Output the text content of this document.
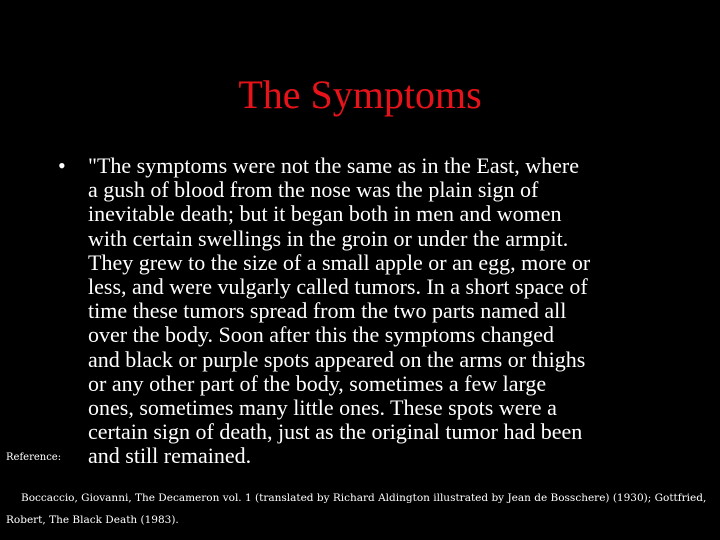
The Symptoms
• "The symptoms were not the same as in the East, where
a gush of blood from the nose was the plain sign of
inevitable death; but it began both in men and women
with certain swellings in the groin or under the armpit.
They grew to the size of a small apple or an egg, more or
less, and were vulgarly called tumors. In a short space of
time these tumors spread from the two parts named all
over the body. Soon after this the symptoms changed
and black or purple spots appeared on the arms or thighs
or any other part of the body, sometimes a few large
ones, sometimes many little ones. These spots were a
certain sign of death, just as the original tumor had been
and still remained.

Reference:
Boccaccio, Giovanni, The Decameron vol. 1 (translated by Richard Aldington illustrated by Jean de Bosschere) (1930); Gottfried,
Robert, The Black Death (1983).
